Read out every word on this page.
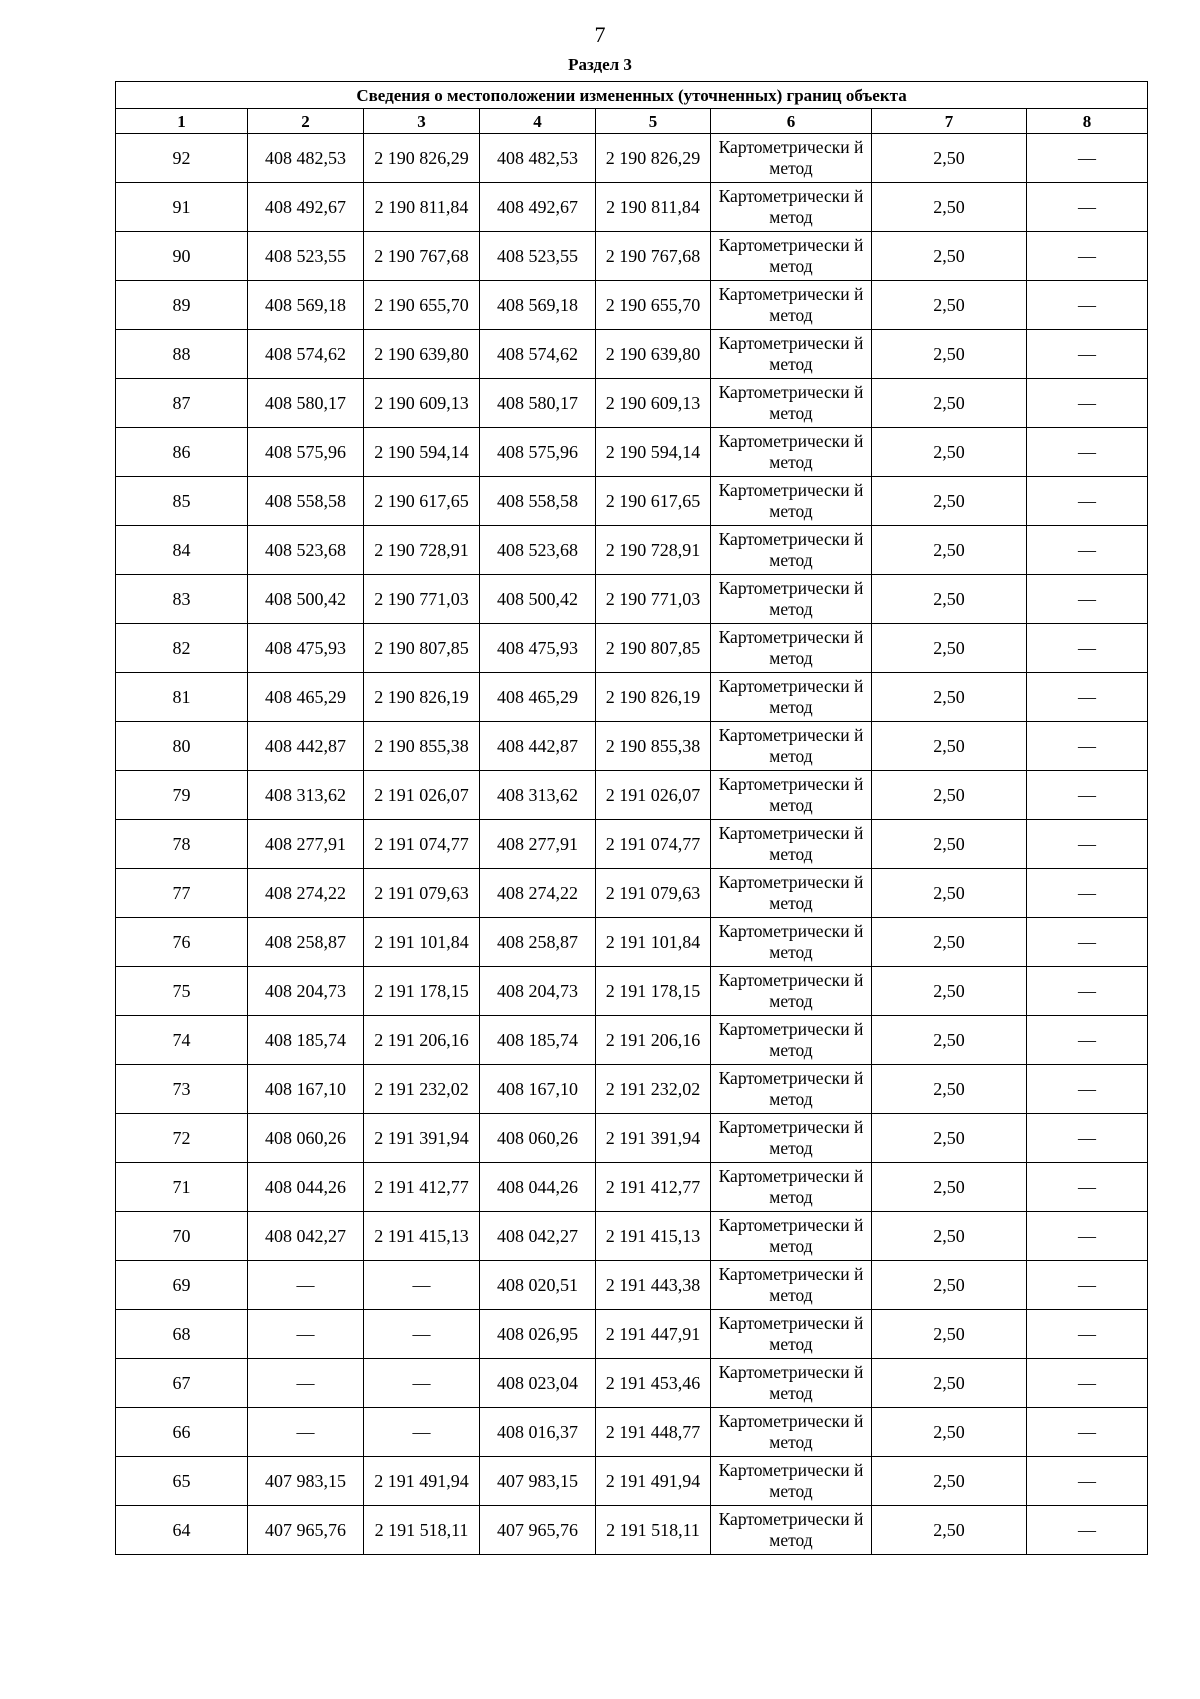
7
Раздел 3
Сведения о местоположении измененных (уточненных) границ объекта							
1	2	3	4	5	6	7	8
92	408 482,53	2 190 826,29	408 482,53	2 190 826,29	Картометрически й метод	2,50	—
91	408 492,67	2 190 811,84	408 492,67	2 190 811,84	Картометрически й метод	2,50	—
90	408 523,55	2 190 767,68	408 523,55	2 190 767,68	Картометрически й метод	2,50	—
89	408 569,18	2 190 655,70	408 569,18	2 190 655,70	Картометрически й метод	2,50	—
88	408 574,62	2 190 639,80	408 574,62	2 190 639,80	Картометрически й метод	2,50	—
87	408 580,17	2 190 609,13	408 580,17	2 190 609,13	Картометрически й метод	2,50	—
86	408 575,96	2 190 594,14	408 575,96	2 190 594,14	Картометрически й метод	2,50	—
85	408 558,58	2 190 617,65	408 558,58	2 190 617,65	Картометрически й метод	2,50	—
84	408 523,68	2 190 728,91	408 523,68	2 190 728,91	Картометрически й метод	2,50	—
83	408 500,42	2 190 771,03	408 500,42	2 190 771,03	Картометрически й метод	2,50	—
82	408 475,93	2 190 807,85	408 475,93	2 190 807,85	Картометрически й метод	2,50	—
81	408 465,29	2 190 826,19	408 465,29	2 190 826,19	Картометрически й метод	2,50	—
80	408 442,87	2 190 855,38	408 442,87	2 190 855,38	Картометрически й метод	2,50	—
79	408 313,62	2 191 026,07	408 313,62	2 191 026,07	Картометрически й метод	2,50	—
78	408 277,91	2 191 074,77	408 277,91	2 191 074,77	Картометрически й метод	2,50	—
77	408 274,22	2 191 079,63	408 274,22	2 191 079,63	Картометрически й метод	2,50	—
76	408 258,87	2 191 101,84	408 258,87	2 191 101,84	Картометрически й метод	2,50	—
75	408 204,73	2 191 178,15	408 204,73	2 191 178,15	Картометрически й метод	2,50	—
74	408 185,74	2 191 206,16	408 185,74	2 191 206,16	Картометрически й метод	2,50	—
73	408 167,10	2 191 232,02	408 167,10	2 191 232,02	Картометрически й метод	2,50	—
72	408 060,26	2 191 391,94	408 060,26	2 191 391,94	Картометрически й метод	2,50	—
71	408 044,26	2 191 412,77	408 044,26	2 191 412,77	Картометрически й метод	2,50	—
70	408 042,27	2 191 415,13	408 042,27	2 191 415,13	Картометрически й метод	2,50	—
69	—	—	408 020,51	2 191 443,38	Картометрически й метод	2,50	—
68	—	—	408 026,95	2 191 447,91	Картометрически й метод	2,50	—
67	—	—	408 023,04	2 191 453,46	Картометрически й метод	2,50	—
66	—	—	408 016,37	2 191 448,77	Картометрически й метод	2,50	—
65	407 983,15	2 191 491,94	407 983,15	2 191 491,94	Картометрически й метод	2,50	—
64	407 965,76	2 191 518,11	407 965,76	2 191 518,11	Картометрически й метод	2,50	—
